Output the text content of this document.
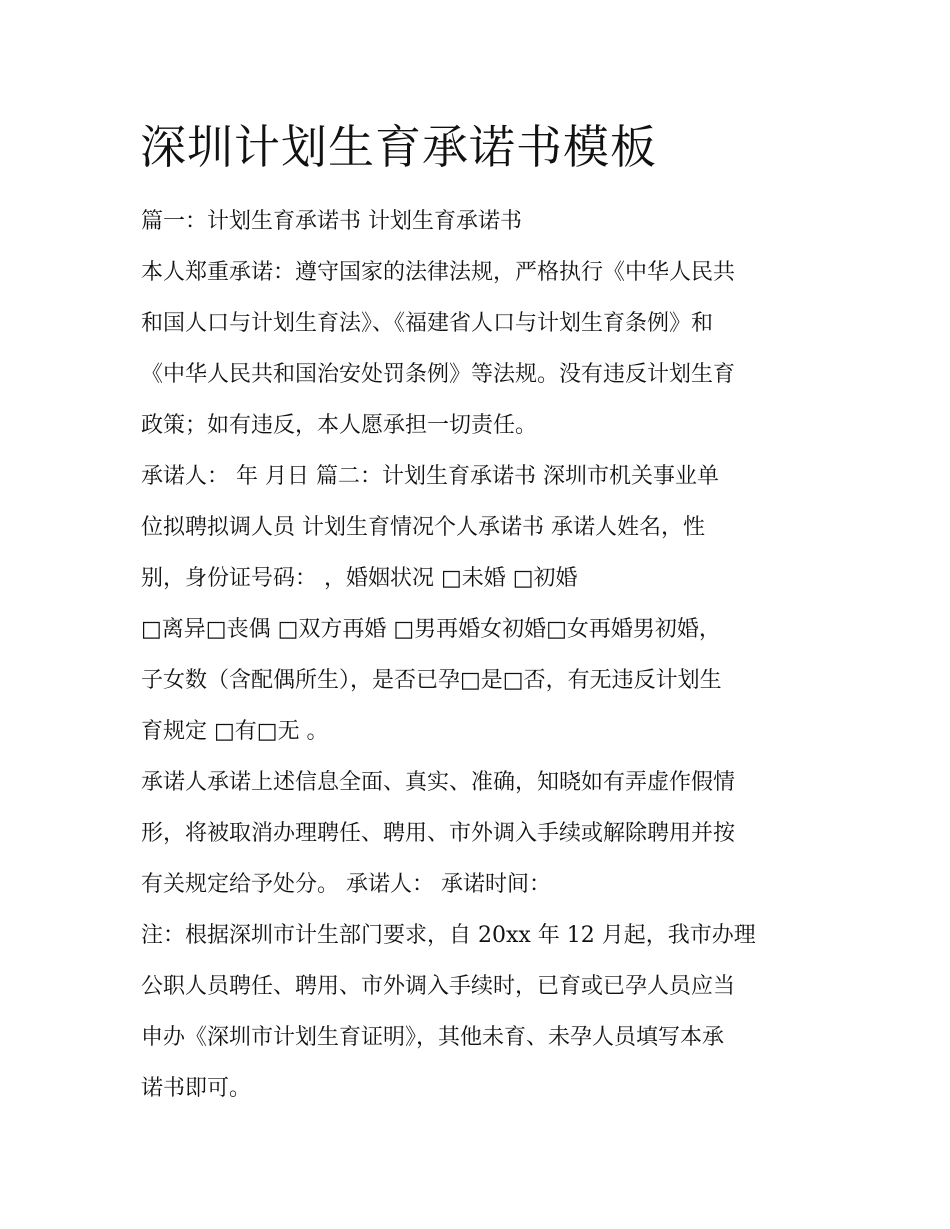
深圳计划生育承诺书模板

篇一：计划生育承诺书 计划生育承诺书

本人郑重承诺：遵守国家的法律法规，严格执行《中华人民共

和国人口与计划生育法》、《福建省人口与计划生育条例》和

《中华人民共和国治安处罚条例》等法规。没有违反计划生育

政策；如有违反，本人愿承担一切责任。

承诺人： 年 月日 篇二：计划生育承诺书 深圳市机关事业单

位拟聘拟调人员 计划生育情况个人承诺书 承诺人姓名，性

别，身份证号码： ，婚姻状况 □未婚 □初婚

□离异□丧偶 □双方再婚 □男再婚女初婚□女再婚男初婚，

子女数（含配偶所生），是否已孕□是□否，有无违反计划生

育规定 □有□无 。

承诺人承诺上述信息全面、真实、准确，知晓如有弄虚作假情

形，将被取消办理聘任、聘用、市外调入手续或解除聘用并按

有关规定给予处分。 承诺人： 承诺时间：

注：根据深圳市计生部门要求，自 20xx 年 12 月起，我市办理

公职人员聘任、聘用、市外调入手续时，已育或已孕人员应当

申办《深圳市计划生育证明》，其他未育、未孕人员填写本承

诺书即可。
